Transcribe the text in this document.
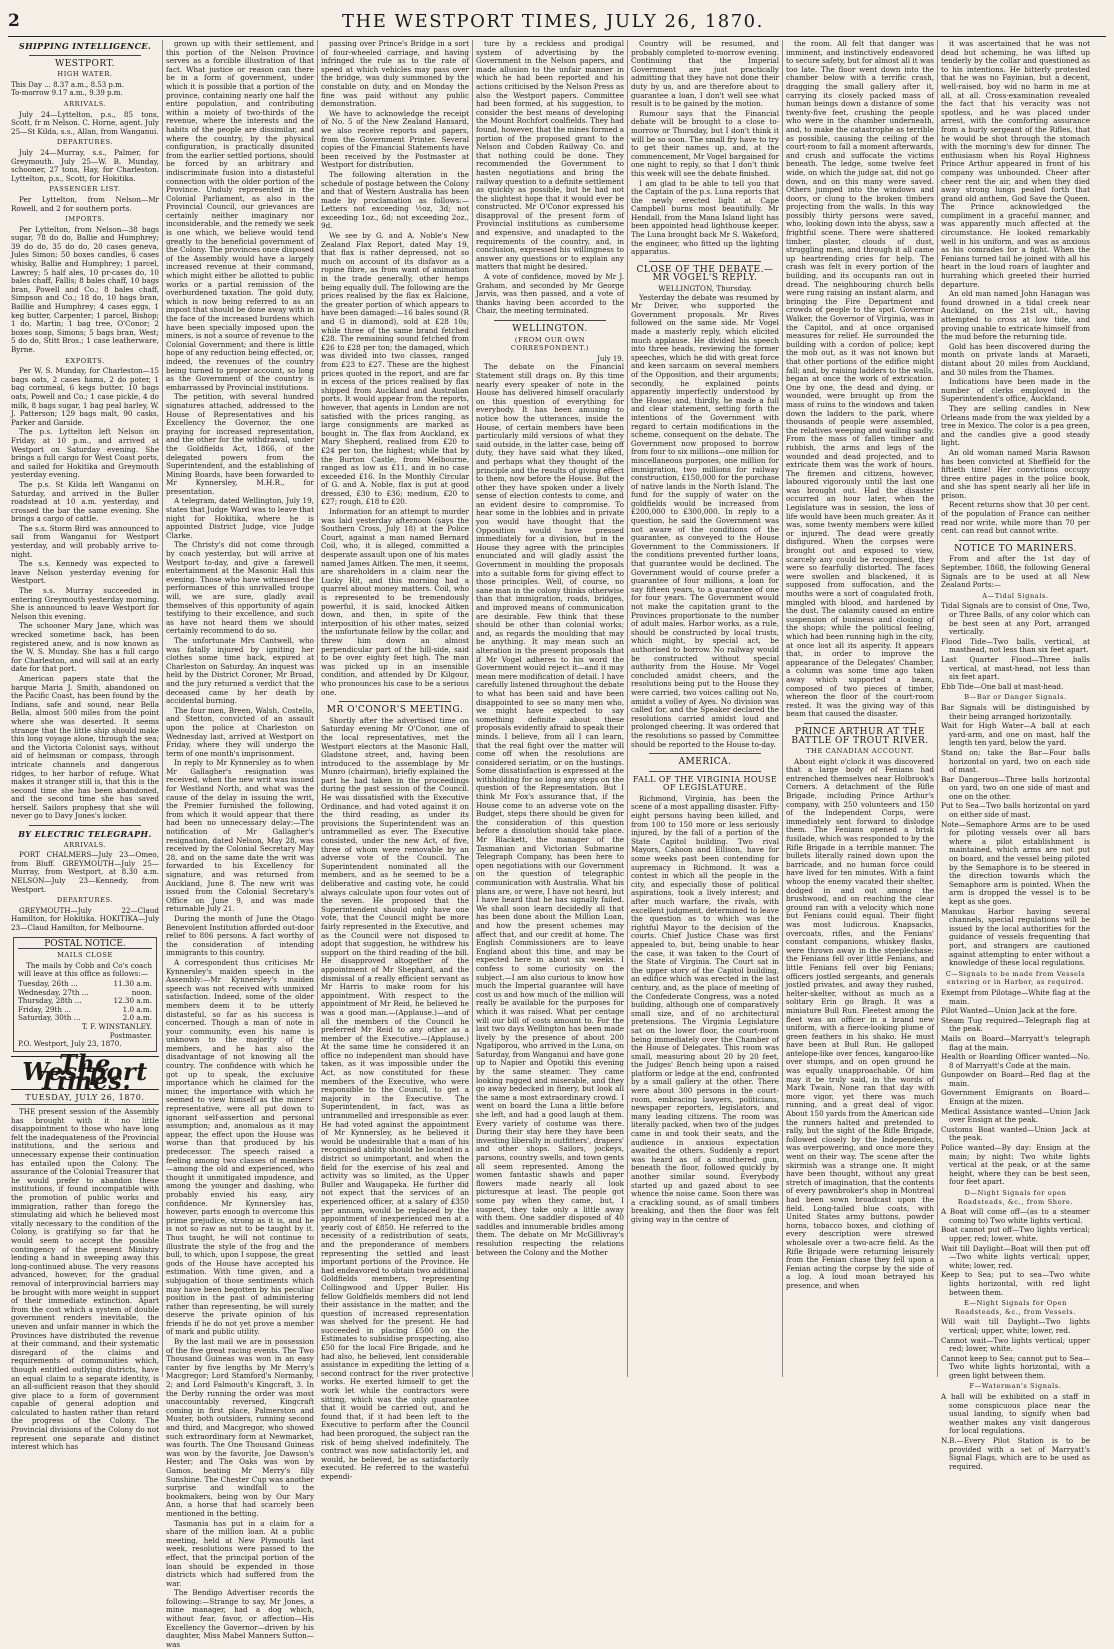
2	THE WESTPORT TIMES, JULY 26, 1870.
SHIPPING INTELLIGENCE.
WESTPORT.
HIGH WATER.
This Day ... 8.37 a.m., 8.53 p.m.
To-morrow 9.17 a.m., 9.39 p.m.
ARRIVALS.

July 24—Lyttelton, p.s., 85 tons, Scott, fr m Nelson. C. Horne, agent. July 25—St Kilda, s.s., Allan, from Wanganui.

DEPARTURES.

July 24—Murray, s.s., Palmer, for Greymouth. July 25—W. B. Munday, schooner, 27 tons, Hay, for Charleston. Lyttelton, p.s., Scott, for Hokitika.

PASSENGER LIST.

Per Lyttelton, from Nelson—Mr Rowell, and 2 for southern ports.

IMPORTS.

Per Lyttelton, from Nelson—38 bags sugar, 78 do do, Ballie and Humphrey; 39 do do, 35 do do, 20 cases geneva, Jules Simon; 50 boxes candles, 6 cases whisky, Ballie and Humphrey; 1 parcel, Lawrey; 5 half ales, 10 pr-cases do, 10 bales chaff, Fallis; 8 bales chaff, 10 bags bran, Powell and Co.; 8 bales chaff, Simpson and Co.; 18 do, 10 bags bran, Baillie and Humphrey; 4 cases eggs, 1 keg butter, Carpenter; 1 parcel, Bishop; 1 do, Martin; 1 bag tree, O'Conor; 2 boxes soap, Simons; 5 bags bran, West; 5 do do, Stitt Bros.; 1 case leatherware, Byrne.

EXPORTS.

Per W. S. Munday, for Charleston—15 bags oats, 2 cases hams, 2 do poter, 1 bag cornmeal, 6 kegs butter, 10 bags oats, Powell and Co.; 1 case pickle, 4 do milk, 8 bags sugar, 1 bag peal barley, W. J. Patterson; 129 bags malt, 90 casks, Parker and Garside.

The p.s. Lyttelton left Nelson on Friday, at 10 p.m., and arrived at Westport on Saturday evening. She brings a full cargo for West Coast ports, and sailed for Hokitika and Greymouth yesterday evening.

The p.s. St Kilda left Wanganui on Saturday, and arrived in the Buller roadstead at 10 a.m. yesterday, and crossed the bar the same evening. She brings a cargo of cattle.

The s.s. Storm Bird was announced to sail from Wanganui for Westport yesterday, and will probably arrive to-night.

The s.s. Kennedy was expected to leave Nelson yesterday evening for Westport.

The s.s. Murray succeeded in entering Greymouth yesterday morning. She is announced to leave Westport for Nelson this evening.

The schooner Mary Jane, which was wrecked sometime back, has been registered anew, and is now known as the W. S. Munday. She has a full cargo for Charleston, and will sail at an early date for that port.

American papers state that the barque Maria J. Smith, abandoned on the Pacific Coast, has been found by the Indians, safe and sound, near Bella Bella, almost 500 miles from the point where she was deserted. It seems strange that the little ship should make this long voyage alone, through the sea; and the Victoria Colonist says, without aid of helmsman or compass, through intricate channels and dangerous ridges, to her harbor of refuge. What makes it stranger still is, that this is the second time she has been abandoned, and the second time she has saved herself. Sailors prophesy that she will never go to Davy Jones's locker.

BY ELECTRIC TELEGRAPH.
ARRIVALS.

PORT CHALMERS—July 23—Omeo, from Bluff. GREYMOUTH—July 25—Murray, from Westport, at 8.30 a.m. NELSON—July 23—Kennedy, from Westport.

DEPARTURES.

GREYMOUTH—July 22—Claud Hamilton, for Hokitika. HOKITIKA—July 23—Claud Hamilton, for Melbourne.

POSTAL NOTICE.
MAILS CLOSE

The mails by Cobb and Co's coach will leave at this office as follows:—

Tuesday, 26th ...	11.30 a.m.
Wednesday, 27th ...	noon.
Thursday, 28th ...	12.30 a.m.
Friday, 29th ...	1.0 a.m.
Saturday, 30th ...	2.0 a.m.
T. F. WINSTANLEY.
Postmaster.
P.O. Westport, July 23, 1870.
The Westport Times.
TUESDAY, JULY 26, 1870.

THE present session of the Assembly has brought with it no little disappointment to those who have long felt the inadequateness of the Provincial institutions, and the serious and unnecessary expense their continuation has entailed upon the Colony. The assurance of the Colonial Treasurer that he would prefer to abandon these institutions, if found incompatible with the promotion of public works and immigration, rather than forego the stimulating aid which he believed most vitally necessary to the condition of the Colony, is gratifying so far that he would seem to accept the possible contingency of the present Ministry lending a hand in sweeping away this long-continued abuse. The very reasons advanced, however, for the gradual removal of interprovincial barriers may be brought with more weight in support of their immediate extinction. Apart from the cost which a system of double government renders inevitable, the uneven and unfair manner in which the Provinces have distributed the revenue at their command, and their systematic disregard of the claims and requirements of communities which, though entitled outlying districts, have an equal claim to a separate identity, is an all-sufficient reason that they should give place to a form of government capable of general adoption and calculated to hasten rather than retard the progress of the Colony. The Provincial divisions of the Colony do not represent one separate and distinct interest which has

grown up with their settlement, and this portion of the Nelson Province serves as a forcible illustration of that fact. What justice or reason can there be in a form of government, under which it is possible that a portion of the province, containing nearly one half the entire population, and contributing within a moiety of two-thirds of the revenue, where the interests and the habits of the people are dissimilar, and where the country, by the physical configuration, is practically disunited from the earlier settled portions, should be forced by an arbitrary and indiscriminate fusion into a distasteful connection with the older portion of the Province. Unduly represented in the Colonial Parliament, as also in the Provincial Council, our grievances are certainly neither imaginary nor inconsiderable, and the remedy we seek is one which, we believe would tend greatly to the beneficial government of the Colony. The provinces once disposed of the Assembly would have a largely increased revenue at their command, which might either be allotted to public works or a partial remission of the overburdened taxation. The gold duty, which is now being referred to as an impost that should be done away with in the face of the increased burdens which have been specially imposed upon the miners, is not a source of revenue to the Colonial Government; and there is little hope of any reduction being effected, or, indeed, the revenues of the country being turned to proper account, so long as the Government of the country is embarrassed by Provincial institutions.

The petition, with several hundred signatures attached, addressed to the House of Representatives and his Excellency the Governor, the one praying for increased representation, and the other for the withdrawal, under the Goldfields Act, 1866, of the delegated powers from the Superintendent, and the establishing of Mining Boards, have been forwarded to Mr Kynnersley, M.H.R., for presentation.

A telegram, dated Wellington, July 19, states that Judge Ward was to leave that night for Hokitika, where he is appointed District Judge, vice Judge Clarke.

The Christy's did not come through by coach yesterday, but will arrive at Westport to-day, and give a farewell entertainment at the Masonic Hall this evening. Those who have witnessed the performances of this unrivalled troupe will, we are sure, gladly avail themselves of this opportunity of again testifying to their excellence, and such as have not heard them we should certainly recommend to do so.

The unfortunate Mrs Cantwell, who was fatally injured by igniting her clothes some time back, expired at Charleston on Saturday. An inquest was held by the District Coroner, Mr Broad, and the jury returned a verdict that the deceased came by her death by accidental burning.

The four men, Breen, Walsh, Costello, and Stetton, convicted of an assault upon the police at Charleston on Wednesday last, arrived at Westport on Friday, where they will undergo the term of one month's imprisonment.

In reply to Mr Kynnersley as to when Mr Gallagher's resignation was received, when the new writ was issued for Westland North, and what was the cause of the delay in issuing the writ, the Premier furnished the following, from which it would appear that there had been no unnecessary delay:—The notification of Mr Gallagher's resignation, dated Nelson, May 28, was received by the Colonial Secretary May 28, and on the same date the writ was forwarded to his Excellency for signature, and was returned from Auckland, June 8. The new writ was issued from the Colonial Secretary's Office on June 9, and was made returnable July 21.

During the month of June the Otago Benevolent Institution afforded out-door relief to 806 persons. A fact worthy of the consideration of intending immigrants to this country.

A correspondent thus criticises Mr Kynnersley's maiden speech in the Assembly:—Mr Kynnersley's maiden speech was not received with unmixed satisfaction. Indeed, some of the older members deem it to be utterly distasteful, so far as his success is concerned. Though a man of note in your community, even his name is unknown to the majority of the members, and he has also the disadvantage of not knowing all the country. The confidence with which he got up to speak, the exclusive importance which he claimed for the miner, the importance with which he seemed to view himself as the miners' representative, were all put down to ignorant self-assertion and personal assumption; and, anomalous as it may appear, the effect upon the House was worse than that produced by his predecessor. The speech raised a feeling among two classes of members—among the old and experienced, who thought it unmitigated impudence, and among the younger and dashing, who probably envied his easy, airy confidence. Mr Kynnersley has, however, parts enough to overcome this prime prejudice, strong as it is, and he is not so raw as not to be taught by it. Thus taught, he will not continue to illustrate the style of the frog and the bull, to which, upon I suppose, the great gods of the House have accepted his estimation. With time given, and a subjugation of those sentiments which may have been begotten by his peculiar position in the past of administering rather than representing, he will surely deserve the private opinion of his friends if he do not yet prove a member of mark and public utility.

By the last mail we are in possession of the five great racing events. The Two Thousand Guineas was won in an easy canter by five lengths by Mr Merry's Macgregor; Lord Stamford's Normanby, 2; and Lord Falmouth's Kingcraft, 3. In the Derby running the order was most unaccountably reversed, Kingcraft coming in first place, Palmerston and Muster, both outsiders, running second and third, and Macgregor, who showed such extraordinary form at Newmarket, was fourth. The One Thousand Guineas was won by the favorite, Joe Dawson's Hester; and The Oaks was won by Gamos, beating Mr Merry's filly Sunshine. The Chester Cup was another surprise and windfall to the bookmakers, being won by Our Mary Ann, a horse that had scarcely been mentioned in the betting.

Tasmania has put in a claim for a share of the million loan. At a public meeting, held at New Plymouth last week, resolutions were passed to the effect, that the principal portion of the loan should be expended in those districts which had suffered from the war.

The Bendigo Advertiser records the following:—Strange to say, Mr Jones, a mine manager, had a dog which, without fear, favor, or affection—His Excellency the Governor—driven by his daughter, Miss Mabel Manners Sutton—was

passing over Prince's Bridge in a sort of four-wheeled carriage, and having infringed the rule as to the rate of speed at which vehicles may pass over the bridge, was duly summoned by the constable on duty, and on Monday the fine was paid without any public demonstration.

We have to acknowledge the receipt of No. 5 of the New Zealand Hansard, we also receive reports and papers, from the Government Printer. Several copies of the Financial Statements have been received by the Postmaster at Westport for distribution.

The following alteration in the schedule of postage between the Colony and that of Western Australia has been made by proclamation as follows:—Letters not exceeding ½oz, 3d; not exceeding 1oz., 6d; not exceeding 2oz., 9d.

We see by G. and A. Noble's New Zealand Flax Report, dated May 19, that flax is rather depressed, not so much on account of its disfavor as a ropine fibre, as from want of animation in the trade generally, other hemps being equally dull. The following are the prices realised by the flax ex Halcione, the greater portion of which appears to have been damaged:—16 bales sound (R and G in diamond), sold at £28 10s; while three of the same brand fetched £28. The remaining sound fetched from £26 to £28 per ton; the damaged, which was divided into two classes, ranged from £23 to £27. These are the highest prices quoted in the report, and are far in excess of the prices realised by flax shipped from Auckland and Australian ports. It would appear from the reports, however, that agents in London are not satisfied with the prices ranging, as large consignments are marked as bought in. The flax from Auckland, ex Mary Shepherd, realised from £20 to £24 per ton, the highest; while that by the Burton Castle, from Melbourne, ranged as low as £11, and in no case exceeded £16. In the Monthly Circular of G. and A. Noble, flax is put at good dressed, £30 to £36; medium, £20 to £27; rough, £18 to £20.

Information for an attempt to murder was laid yesterday afternoon (says the Southern Cross, July 18) at the Police Court, against a man named Bernard Coil, who, it is alleged, committed a desperate assault upon one of his mates named James Aitken. The men, it seems, are shareholders in a claim near the Lucky Hit, and this morning had a quarrel about money matters. Coil, who is represented to be tremendously powerful, it is said, knocked Aitken down, and then, in spite of the interposition of his other mates, seized the unfortunate fellow by the collar, and threw him down an almost perpendicular part of the hill-side, said to be over eighty feet high. The man was picked up in an insensible condition, and attended by Dr Kilgour, who pronounces his case to be a serious one.

MR O'CONOR'S MEETING.

Shortly after the advertised time on Saturday evening Mr O'Conor, one of the local representatives, met the Westport electors at the Masonic Hall, Gladstone street, and, having been introduced to the assemblage by Mr Munro (chairman), briefly explained the part he had taken in the proceedings during the past session of the Council. He was dissatisfied with the Executive Ordinance, and had voted against it on the third reading, as under its provisions the Superintendent was an untrammelled as ever. The Executive consisted, under the new Act, of five, three of whom were removable by an adverse vote of the Council. The Superintendent nominated all the members, and as he seemed to be a deliberative and casting vote, he could always calculate upon four votes out of the seven. He proposed that the Superintendent should only have one vote, that the Council might be more fairly represented in the Executive, and as the Council were not disposed to adopt that suggestion, he withdrew his support on the third reading of the bill. He disapproved altogether of the appointment of Mr Shephard, and the dismissal of a really efficient servant as Mr Harris to make room for his appointment. With respect to the appointment of Mr Reid, he believed he was a good man.—(Applause.)—and of all the members of the Council he preferred Mr Reid to any other as a member of the Executive.—(Applause.) At the same time he considered it an office no independent man should have taken, as it was impossible under the Act, as now constituted for these members of the Executive, who were responsible to the Council, to get a majority in the Executive. The Superintendent, in fact, was as untrammelled and irresponsible as ever. He had voted against the appointment of Mr Kynnersley, as he believed it would be undesirable that a man of his recognised ability should be located in a district so unimportant, and when the field for the exercise of his zeal and activity was so limited, as the Upper Buller and Waugapeka. He further did not expect that the services of an experienced officer, at a salary of £350 per annum, would be replaced by the appointment of inexperienced men at a yearly cost of £850. He referred to the necessity of a redistribution of seats, and the preponderance of members representing the settled and least important portions of the Province. He had endeavored to obtain two additional Goldfields members, representing Collingwood and Upper Buller. His fellow Goldfields members did not lend their assistance in the matter, and the question of increased representation was shelved for the present. He had succeeded in placing £500 on the Estimates to subsidise prospecting, also £50 for the local Fire Brigade, and he had also, he believed, lent considerable assistance in expediting the letting of a second contract for the river protective works. He exerted himself to get the work let while the contractors were sitting, which was the only guarantee that it would be carried out, and he found that, if it had been left to the Executive to perform after the Council had been prorogued, the subject ran the risk of being shelved indefinitely. The contract was now satisfactorily let, and would, he believed, be as satisfactorily executed. He referred to the wasteful expendi-

ture by a reckless and prodigal system of advertising by the Government in the Nelson papers, and made allusion to the unfair manner in which he had been reported and his actions criticised by the Nelson Press as also the Westport papers. Committee had been formed, at his suggestion, to consider the best means of developing the Mount Rochfort coalfields. They had found, however, that the mines formed a portion of the proposed grant to the Nelson and Cobden Railway Co. and that nothing could be done. They recommended the Government to hasten negotiations and bring the railway question to a definite settlement as quickly as possible, but he had not the slightest hope that it would ever be constructed. Mr O'Conor expressed his disapproval of the present form of Provincial institutions as cumbersome and expensive, and unadapted to the requirements of the country, and, in conclusion, expressed his willingness to answer any questions or to explain any matters that might be desired.

A vote of confidence, moved by Mr J. Graham, and seconded by Mr George Jarvis, was then passed, and a vote of thanks having been accorded to the Chair, the meeting terminated.

WELLINGTON.
(FROM OUR OWN CORRESPONDENT.)
July 19.

The debate on the Financial Statement still drags on. By this time nearly every speaker of note in the House has delivered himself oracularly on this question of everything for everybody. It has been amusing to notice how the utterances, inside the House, of certain members have been particularly mild versions of what they said outside, in the latter case, being off duty, they have said what they liked, and perhaps what they thought of the principle and the results of giving effect to them, now before the House. But the other they have spoken under a lively sense of election contests to come, and an evident desire to compromise. To hear some in the lobbies and in private you would have thought that the Opposition would have pressed immediately for a division, but in the House they agree with the principles enunciated and will gladly assist the Government in moulding the proposals into a suitable form for giving effect to those principles. Well, of course, no sane man in the colony thinks otherwise than that immigration, roads, bridges, and improved means of communication are desirable. Few think that these should be other than colonial works; and, as regards the moulding that may be anything. It may mean such an alteration in the present proposals that if Mr Vogel adheres to his word the Government would reject it—and it may mean mere modification of detail. I have carefully listened throughout the debate to what has been said and have been disappointed to see so many men who, we might have expected to say something definite about these proposals evidently afraid to speak their minds. I believe, from all I can learn, that the real fight over the matter will come off when the resolutions are considered seriatim, or on the hustings. Some dissatisfaction is expressed at the withholding for so long any steps on the question of the Representation. But I think Mr Fox's assurance that, if the House come to an adverse vote on the Budget, steps there should be given for the consideration of this question before a dissolution should take place. Mr Blackett, the manager of the Tasmanian and Victorian Submarine Telegraph Company, has been here to open negotiations with our Government on the question of telegraphic communication with Australia. What his plans are, or were, I have not heard, but I have heard that he has signally failed. We shall soon learn decidedly all that has been done about the Million Loan, and how the present schemes may affect that, and our credit at home. The English Commissioners are to leave England about this time, and may be expected here in about six weeks. I confess to some curiosity on the subject.—I am also curious to know how much the Imperial guarantee will have cost us and how much of the million will really be available for the purposes for which it was raised. What per centage will our bill of costs amount to. For the last two days Wellington has been made lively by the presence of about 200 Ngatiporou, who arrived in the Luna, on Saturday, from Wanganui and have gone up to Napier and Opotiki this evening by the same steamer. They came looking ragged and miserable, and they go away bedecked in finery, but look all the same a most extraordinary crowd. I went on board the Luna a little before she left, and had a good laugh at them. Every variety of costume was there. During their stay here they have been investing liberally in outfitters', drapers' and other shops. Sailors, jockeys, parsons, country swells, and town gents all seem represented. Among the women fantastic shawls and paper flowers made nearly all look picturesque at least. The people got some pay when they came, but, I suspect, they take only a little away with them. One saddler disposed of 40 saddles and innumerable bridles among them. The debate on Mr McGillivray's resolution respecting the relations between the Colony and the Mother

Country will be resumed, and probably completed to-morrow evening. Continuing that the Imperial Government are just practically admitting that they have not done their duty by us, and are therefore about to guarantee a loan, I don't well see what result is to be gained by the motion.

Rumour says that the Financial debate will be brought to a close to-morrow or Thursday, but I don't think it will be so soon. The small fry have to try to get their names up, and, at the commencement, Mr Vogel bargained for one night to reply, so that I don't think this week will see the debate finished.

I am glad to be able to tell you that the Captain of the p.s. Luna reports that the newly erected light at Cape Campbell burns most beautifully. Mr Hendall, from the Mana Island light has been appointed head lighthouse keeper. The Luna brought back Mr S. Wakeford, the engineer, who fitted up the lighting apparatus.

CLOSE OF THE DEBATE.—MR VOGEL'S REPLY.
WELLINGTON, Thursday.

Yesterday the debate was resumed by Mr Driver, who supported the Government proposals. Mr Rives followed on the same side. Mr Vogel made a masterly reply, which elicited much applause. He divided his speech into three heads, reviewing the former speeches, which he did with great force and keen sarcasm on several members of the Opposition, and their arguments; secondly, he explained points apparently imperfectly understood by the House; and, thirdly, he made a full and clear statement, setting forth the intentions of the Government with regard to certain modifications in the scheme, consequent on the debate. The Government now proposed to borrow from four to six millions—one million for miscellaneous purposes, one million for immigration, two millions for railway construction, £150,000 for the purchase of native lands in the North Island. The fund for the supply of water on the goldfields would be increased from £200,000 to £300,000. In reply to a question, he said the Government was not aware of the conditions of the guarantee, as conveyed to the House Government to the Commissioners. If the conditions prevented further loans, that guarantee would be declined. The Government would of course prefer a guarantee of four millions, a loan for say fifteen years, to a guarantee of one for four years. The Government would not make the capitation grant to the Provinces proportionate to the number of adult males. Harbor works, as a rule, should be constructed by local trusts, which might, by special act, be authorised to borrow. No railway would be constructed without special authority from the House. Mr Vogel concluded amidst cheers, and the resolutions being put to the House they were carried, two voices calling out No, amidst a volley of Ayes. No division was called for, and the Speaker declared the resolutions carried amidst loud and prolonged cheering. It was ordered that the resolutions so passed by Committee should be reported to the House to-day.

AMERICA.
FALL OF THE VIRGINIA HOUSE OF LEGISLATURE.

Richmond, Virginia, has been the scene of a most appalling disaster. Fifty-eight persons having been killed, and from 100 to 150 more or less seriously injured, by the fall of a portion of the State Capitol building. Two rival Mayors, Cahoon and Ellison, have for some weeks past been contending for supremacy in Richmond. It was a contest in which all the people in the city, and especially those of political aspirations, took a lively interest; and after much warfare, the rivals, with excellent judgment, determined to leave the question as to which was the rightful Mayor to the decision of the courts. Chief Justice Chase was first appealed to, but, being unable to hear the case, it was taken to the Court of the State of Virginia. The Court sat in the upper story of the Capitol building, an edifice which was erected in the last century, and, as the place of meeting of the Confederate Congress, was a noted building, although one of comparatively small size, and of no architectural pretensions. The Virginia Legislature sat on the lower floor, the court-room being immediately over the Chamber of the House of Delegates. This room was small, measuring about 20 by 20 feet, the Judges' Bench being upon a raised platform or ledge at the end, confronted by a small gallery at the other. There were about 300 persons in the court-room, embracing lawyers, politicians, newspaper reporters, legislators, and many leading citizens. The room was literally packed, when two of the judges came in and took their seats, and the audience in anxious expectation awaited the others. Suddenly a report was heard as of a smothered gun, beneath the floor, followed quickly by another similar sound. Everybody started up and gazed about to see whence the noise came. Soon there was a crackling sound, as of small timbers breaking, and then the floor was felt giving way in the centre of

the room. All felt that danger was imminent, and instinctively endeavored to secure safety, but for almost all it was too late. The floor went down into the chamber below with a terrific crash, dragging the small gallery after it, carrying its closely packed mass of human beings down a distance of some twenty-five feet, crushing the people who were in the chamber underneath, and, to make the catastrophe as terrible as possible, causing the ceiling of the court-room to fall a moment afterwards, and crush and suffocate the victims beneath. The ledge, some twelve feet wide, on which the judge sat, did not go down, and on this many were saved. Others jumped into the windows and doors, or clung to the broken timbers projecting from the walls. In this way possibly thirty persons were saved, who, looking down into the abyss, saw a frightful scene. There were shattered timber, plaster, clouds of dust, struggling men, and through it all came up heartrending cries for help. The crash was felt in every portion of the building, and its occupants ran out in dread. The neighbouring church bells were rung raising an instant alarm, and bringing the Fire Department and crowds of people to the spot. Governor Walker, the Governor of Virginia, was in the Capitol, and at once organised measures for relief. He surrounded the building with a cordon of police; kept the mob out, as it was not known but that other portions of the edifice might fall; and, by raising ladders to the walls, began at once the work of extrication. One by one, the dead and dying, or wounded, were brought up from the mass of ruins to the windows and taken down the ladders to the park, where thousands of people were assembled, the relatives weeping and wailing sadly. From the mass of fallen timber and rubbish, the arms and legs of the wounded and dead projected, and to extricate them was the work of hours. The firemen and citizens, however, laboured vigorously until the last one was brought out. Had the disaster occurred an hour later, when the Legislature was in session, the loss of life would have been much greater. As it was, some twenty members were killed or injured. The dead were greatly disfigured. When the corpses were brought out and exposed to view, scarcely any could be recognised, they were so fearfully distorted. The faces were swollen and blackened, it is supposed from suffocation, and the mouths were a sort of coagulated froth, mingled with blood, and hardened by the dust. The calamity caused an entire suspension of business and closing of the shops; while the political feeling, which had been running high in the city, at once lost all its asperity. It appears that, in order to improve the appearance of the Delegates' Chamber, a column was some time ago taken away which supported a beam, composed of two pieces of timber, whereon the floor of the court-room rested. It was the giving way of this beam that caused the disaster.

PRINCE ARTHUR AT THE BATTLE OF TROUT RIVER.
THE CANADIAN ACCOUNT.

About eight o'clock it was discovered that a large body of Fenians had entrenched themselves near Holbrook's Corners. A detachment of the Rifle Brigade, including Prince Arthur's company, with 250 volunteers and 150 of the Independent Corps, were immediately sent forward to dislodge them. The Fenians opened a brisk fusilade, which was responded to by the Rifle Brigade in a terrible manner. The bullets literally rained down upon the barricade, and no human force could have lived for ten minutes. With a faint whoop the enemy vacated their shelter, dodged in and out among the brushwood, and on reaching the clear ground ran with a velocity which none but Fenians could equal. Their flight was most ludicrous. Knapsacks, overcoats, rifles, and the Fenians' constant companions, whiskey flasks, were thrown away in the steeplechase; the Fenians fell over little Fenians, and little Fenians fell over big Fenians; officers jostled sergeants, and generals jostled privates, and away they rushed, helter-skelter, without as much as a solitary Erin go Bragh. It was a miniature Bull Run. Fleetest among the fleet was an officer in a brand new uniform, with a fierce-looking plume of green feathers in his shako. He must have been at Bull Run. He galloped antelope-like over fences, kangaroo-like over stumps, and on open ground he was equally unapproachable. Of him may it be truly said, in the words of Mark Twain, None ran that day with more vigor, yet there was much running, and a great deal of vigor. About 150 yards from the American side the runners halted and pretended to rally, but the sight of the Rifle Brigade, followed closely by the Independents, was overpowering, and once more they went on their way. The scene after the skirmish was a strange one. It might have been thought, without any great stretch of imagination, that the contents of every pawnbroker's shop in Montreal had been sown broadcast upon the field. Long-tailed blue coats, with United States army buttons, powder horns, tobacco boxes, and clothing of every description were strewed wholesale over a two-acre field. As the Rifle Brigade were returning leisurely from the Fenian chase they fell upon a Fenian acting the corpse by the side of a log. A loud moan betrayed his presence, and when

it was ascertained that he was not dead but scheming, he was lifted up tenderly by the collar and questioned as to his intentions. He bitterly protested that he was no Fayinian, but a decent, well-raised, boy wid no harm in me at all, at all. Cross-examination revealed the fact that his veracity was not spotless, and he was placed under arrest, with the comforting assurance from a burly sergeant of the Rifles, that he would be shot through the stomach with the morning's dew for dinner. The enthusiasm when his Royal Highness Prince Arthur appeared in front of his company was unbounded. Cheer after cheer rent the air, and when they died away strong lungs pealed forth that grand old anthem, God Save the Queen. The Prince acknowledged the compliment in a graceful manner, and was apparently much affected at the circumstance. He looked remarkably well in his uniform, and was as anxious as his comrades for a fight. When the Fenians turned tail he joined with all his heart in the loud roars of laughter and hurrahing which greeted their hurried departure.

An old man named John Hanagan was found drowned in a tidal creek near Auckland, on the 21st ult., having attempted to cross at low tide, and proving unable to extricate himself from the mud before the returning tide.

Gold has been discovered during the month on private lands at Maraeti, distant about 20 miles from Auckland, and 30 miles from the Thames.

Indications have been made in the number of clerks employed in the Superintendent's office, Auckland.

They are selling candles in New Orleans made from the wax yielded by a tree in Mexico. The color is a pea green, and the candles give a good steady light.

An old woman named Maria Rawson has been convicted at Sheffield for the fiftieth time! Her convictions occupy three entire pages in the police book, and she has spent nearly all her life in prison.

Recent returns show that 30 per cent. of the population of France can neither read nor write, while more than 70 per cent. can read but cannot write.

NOTICE TO MARINERS.

From and after the 1st day of September, 1868, the following General Signals are to be used at all New Zealand Ports:—

A—Tidal Signals.

Tidal Signals are to consist of One, Two, or Three Balls, of any color which can be best seen at any Port, arranged vertically.

Flood Tide—Two balls, vertical, at masthead, not less than six feet apart.

Last Quarter Flood—Three balls vertical, at mast-head, not less than six feet apart.

Ebb Tide—One ball at mast-head.

B—Bar or Danger Signals.

Bar Signals will be distinguished by their being arranged horizontally.

Wait for High Water—A ball at each yard-arm, and one on mast, half the length ten yard, below the yard.

Stand on; take the Bar—Four balls horizontal on yard, two on each side of mast.

Bar Dangerous—Three balls horizontal on yard, two on one side of mast and one on the other.

Put to Sea—Two balls horizontal on yard on either side of mast.

Note—Semaphore Arms are to be used for piloting vessels over all bars where a pilot establishment is maintained, which arms are not put on board, and the vessel being piloted by the Semaphore is to be steered in the direction towards which the Semaphore arm is pointed. When the arm is dropped the vessel is to be kept as she goes.

Manukau Harbor having several channels, special regulations will be issued by the local authorities for the guidance of vessels frequenting that port, and strangers are cautioned against attempting to enter without a knowledge of these local regulations.

C—Signals to be made from Vessels entering or in Harbor, as required.

Exempt from Pilotage—White flag at the main.

Pilot Wanted—Union Jack at the fore.

Steam Tug required—Telegraph flag at the peak.

Mails on Board—Marryatt's telegraph flag at the main.

Health or Boarding Officer wanted—No. 8 of Marryatt's Code at the main.

Gunpowder on Board—Red flag at the main.

Government Emigrants on Board—Ensign at the mizen.

Medical Assistance wanted—Union Jack over Ensign at the peak.

Customs Boat wanted—Union Jack at the peak.

Police wanted—By day: Ensign at the main; by night: Two white lights vertical at the peak, or at the same height, where they can be best seen, four feet apart.

D—Night Signals for open Roadsteads, &c., from Shore.

A Boat will come off—(as to a steamer coming to) Two white lights vertical.

Boat cannot put off—Two lights vertical; upper, red; lower, white.

Wait till Daylight—Boat will then put off—Two white lights vertical; upper, white; lower, red.

Keep to Sea; put to sea—Two white lights horizontal, with red light between them.

E—Night Signals for Open Roadsteads, &c., from Vessels.

Will wait till Daylight—Two lights vertical; upper, white; lower, red.

Cannot wait—Two lights vertical; upper red; lower, white.

Cannot keep to Sea; cannot put to Sea—Two white lights horizontal, with a green light between them.

F—Waterman's Signals.

A ball will be exhibited on a staff in some conspicuous place near the usual landing, to signify when bad weather makes any visit dangerous for local regulations.

N.B.—Every Pilot Station is to be provided with a set of Marryatt's Signal Flags, which are to be used as required.
